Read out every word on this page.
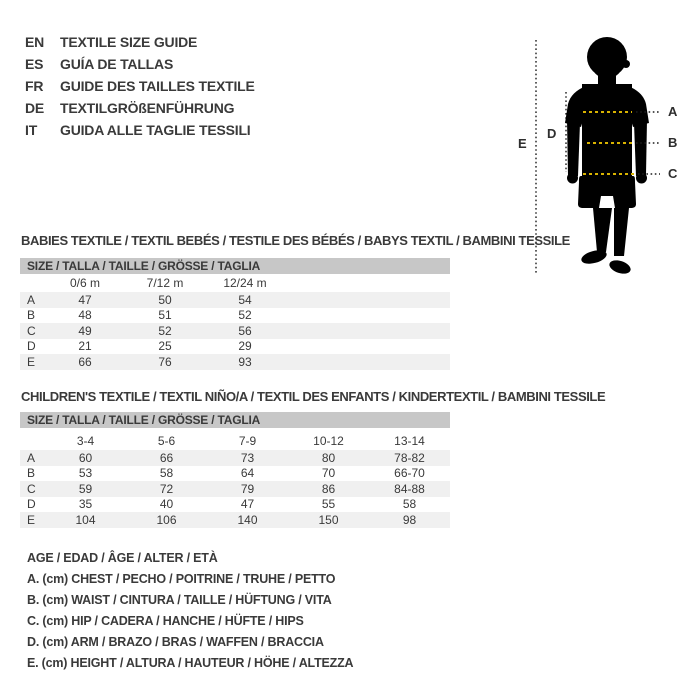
EN	TEXTILE SIZE GUIDE
ES	GUÍA DE TALLAS
FR	GUIDE DES TAILLES TEXTILE
DE	TEXTILGRÖßENFÜHRUNG
IT	GUIDA ALLE TAGLIE TESSILI
A
B
C
D
E
BABIES TEXTILE / TEXTIL BEBÉS / TESTILE DES BÉBÉS / BABYS TEXTIL / BAMBINI TESSILE
SIZE / TALLA / TAILLE / GRÖSSE / TAGLIA
	0/6 m	7/12 m	12/24 m	
A	47	50	54	
B	48	51	52	
C	49	52	56	
D	21	25	29	
E	66	76	93	
CHILDREN'S TEXTILE / TEXTIL NIÑO/A / TEXTIL DES ENFANTS / KINDERTEXTIL / BAMBINI TESSILE
SIZE / TALLA / TAILLE / GRÖSSE / TAGLIA
	3-4	5-6	7-9	10-12	13-14
A	60	66	73	80	78-82
B	53	58	64	70	66-70
C	59	72	79	86	84-88
D	35	40	47	55	58
E	104	106	140	150	98
AGE / EDAD / ÂGE / ALTER / ETÀ
A. (cm) CHEST / PECHO / POITRINE / TRUHE / PETTO
B. (cm) WAIST / CINTURA / TAILLE / HÜFTUNG / VITA
C. (cm) HIP / CADERA / HANCHE / HÜFTE / HIPS
D. (cm) ARM / BRAZO / BRAS / WAFFEN / BRACCIA
E. (cm) HEIGHT / ALTURA / HAUTEUR / HÖHE / ALTEZZA
